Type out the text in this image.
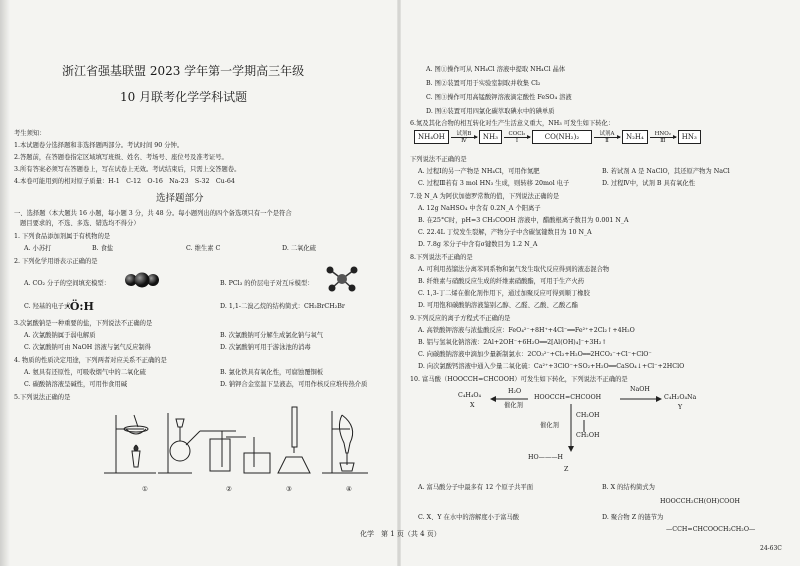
浙江省强基联盟 2023 学年第一学期高三年级
10 月联考化学学科试题
考生须知：
1.本试题卷分选择题和非选择题两部分。考试时间 90 分钟。
2.答题前，在答题卷指定区域填写班级、姓名、考场号、座位号及准考证号。
3.所有答案必须写在答题卷上，写在试卷上无效。考试结束后，只需上交答题卷。
4.本卷可能用到的相对原子质量：H-1　C-12　O-16　Na-23　S-32　Cu-64
选择题部分
一、选择题（本大题共 16 小题，每小题 3 分，共 48 分。每小题列出的四个备选项只有一个是符合
题目要求的，不选、多选、错选均不得分）
1. 下列食品添加剂属于有机物的是
A. 小苏打	B. 食盐	C. 维生素 C	D. 二氧化硫
2. 下列化学用语表示正确的是
A. CO₂ 分子的空间填充模型：	B. PCl₃ 的价层电子对互斥模型：
C. 羟基的电子式：
·Ö:H	D. 1,1-二溴乙烷的结构简式：CH₂BrCH₂Br
3.次氯酸钠是一种重要的盐，下列说法不正确的是
A. 次氯酸钠属于弱电解质	B. 次氯酸钠可分解生成氯化钠与氧气
C. 次氯酸钠可由 NaOH 溶液与氯气反应制得	D. 次氯酸钠可用于游泳池的消毒
4. 物质的性质决定用途，下列两者对应关系不正确的是
A. 氨具有还原性，可吸收烟气中的二氧化硫	B. 氯化铁具有氧化性，可腐蚀覆铜板
C. 碳酸钠溶液呈碱性，可用作食用碱	D. 钠钾合金室温下呈液态，可用作核反应堆传热介质
5.下列说法正确的是
①	②	③	④
化学　第 1 页（共 4 页）
A. 图①操作可从 NH₄Cl 溶液中提取 NH₄Cl 晶体
B. 图②装置可用于实验室制取并收集 Cl₂
C. 图③操作可用高锰酸钾溶液滴定酸性 FeSO₄ 溶液
D. 图④装置可用四氯化碳萃取碘水中的碘单质
6.氮及其化合物的相互转化对生产生活意义重大，NH₃ 可发生如下转化：
NH₄OH	试剂B
Ⅳ	NH₃	COCl₂
Ⅰ	CO(NH₂)₂	试剂A
Ⅱ	N₂H₄	HNO₂
Ⅲ	HN₃
下列说法不正确的是
A. 过程Ⅰ的另一产物是 NH₄Cl，可用作氮肥	B. 若试剂 A 是 NaClO，其还原产物为 NaCl
C. 过程Ⅲ若有 3 mol HN₃ 生成，则转移 20mol 电子	D. 过程Ⅳ中，试剂 B 具有氧化性
7.设 N_A 为阿伏加德罗常数的值，下列说法正确的是
A. 12g NaHSO₄ 中含有 0.2N_A 个阳离子
B. 在25°C时，pH=3 CH₃COOH 溶液中，醋酸根离子数目为 0.001 N_A
C. 22.4L 丁烷发生裂解，产物分子中含碳氢键数目为 10 N_A
D. 7.8g 苯分子中含有σ键数目为 1.2 N_A
8.下列说法不正确的是
A. 可利用蒸馏法分离苯同系物和氯气发生取代反应得到的液态混合物
B. 纤维素与硝酸反应生成的纤维素硝酸酯，可用于生产火药
C. 1,3-丁二烯在催化剂作用下，通过加聚反应可得到顺丁橡胶
D. 可用饱和碳酸钠溶液鉴别乙醇、乙醛、乙酸、乙酸乙酯
9.下列反应的离子方程式不正确的是
A. 高铁酸钾溶液与浓盐酸反应：FeO₄²⁻+8H⁺+4Cl⁻══Fe²⁺+2Cl₂↑+4H₂O
B. 铝与氢氧化钠溶液：2Al+2OH⁻+6H₂O══2[Al(OH)₄]⁻+3H₂↑
C. 向碳酸钠溶液中滴加少量新制氯水：2CO₃²⁻+Cl₂+H₂O══2HCO₃⁻+Cl⁻+ClO⁻
D. 向次氯酸钙溶液中通入少量二氧化硫：Ca²⁺+3ClO⁻+SO₂+H₂O══CaSO₄↓+Cl⁻+2HClO
10. 富马酸（HOOCCH=CHCOOH）可发生如下转化，下列说法不正确的是
C₄H₄O₄
X
H₂O
催化剂
HOOCCH=CHCOOH
NaOH
C₄H₂O₄Na
Y
催化剂
CH₂OH
CH₂OH
HO⁠—⁠—⁠—H
Z
A. 富马酸分子中最多有 12 个原子共平面	B. X 的结构简式为
HOOCCH₂CH(OH)COOH
C. X、Y 在水中的溶解度小于富马酸	D. 聚合物 Z 的链节为
—CCH=CHCOOCH₂CH₂O—
24-63C
